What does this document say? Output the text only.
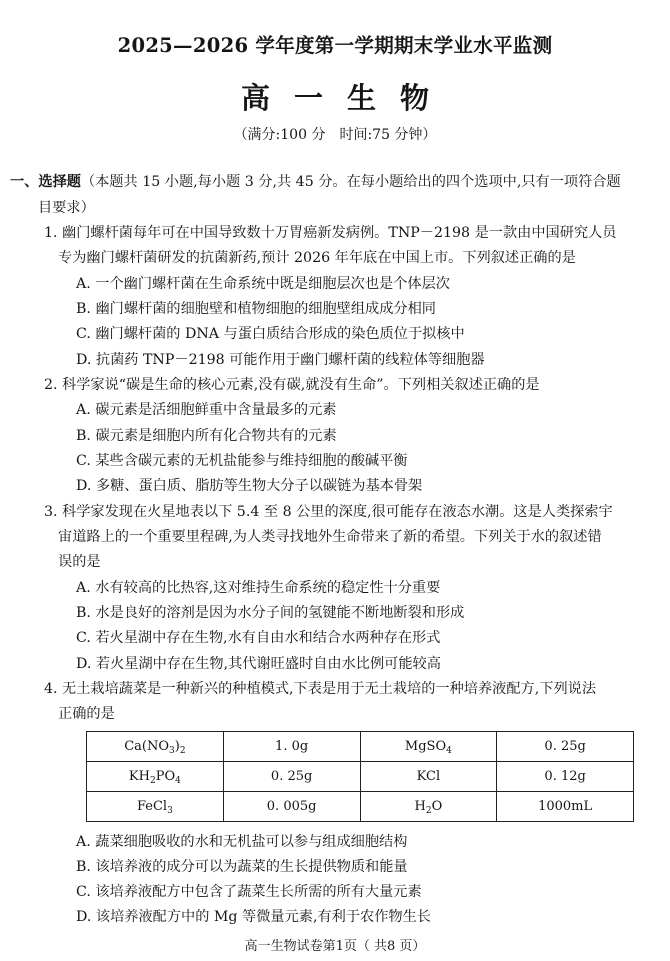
2025—2026 学年度第一学期期末学业水平监测
高一生物
（满分:100 分　时间:75 分钟）
一、选择题（本题共 15 小题,每小题 3 分,共 45 分。在每小题给出的四个选项中,只有一项符合题
目要求）
1. 幽门螺杆菌每年可在中国导致数十万胃癌新发病例。TNP－2198 是一款由中国研究人员
专为幽门螺杆菌研发的抗菌新药,预计 2026 年年底在中国上市。下列叙述正确的是
A. 一个幽门螺杆菌在生命系统中既是细胞层次也是个体层次
B. 幽门螺杆菌的细胞壁和植物细胞的细胞壁组成成分相同
C. 幽门螺杆菌的 DNA 与蛋白质结合形成的染色质位于拟核中
D. 抗菌药 TNP－2198 可能作用于幽门螺杆菌的线粒体等细胞器
2. 科学家说“碳是生命的核心元素,没有碳,就没有生命”。下列相关叙述正确的是
A. 碳元素是活细胞鲜重中含量最多的元素
B. 碳元素是细胞内所有化合物共有的元素
C. 某些含碳元素的无机盐能参与维持细胞的酸碱平衡
D. 多糖、蛋白质、脂肪等生物大分子以碳链为基本骨架
3. 科学家发现在火星地表以下 5.4 至 8 公里的深度,很可能存在液态水潮。这是人类探索宇
宙道路上的一个重要里程碑,为人类寻找地外生命带来了新的希望。下列关于水的叙述错
误的是
A. 水有较高的比热容,这对维持生命系统的稳定性十分重要
B. 水是良好的溶剂是因为水分子间的氢键能不断地断裂和形成
C. 若火星湖中存在生物,水有自由水和结合水两种存在形式
D. 若火星湖中存在生物,其代谢旺盛时自由水比例可能较高
4. 无土栽培蔬菜是一种新兴的种植模式,下表是用于无土栽培的一种培养液配方,下列说法
正确的是
$Ca(NO_3)_2$	1. 0g	MgSO$_4$	0. 25g
$KH_2PO_4$	0. 25g	KCl	0. 12g
FeCl$_3$	0. 005g	$H_2O$	1000mL
A. 蔬菜细胞吸收的水和无机盐可以参与组成细胞结构
B. 该培养液的成分可以为蔬菜的生长提供物质和能量
C. 该培养液配方中包含了蔬菜生长所需的所有大量元素
D. 该培养液配方中的 Mg 等微量元素,有利于农作物生长
高一生物试卷第1页（ 共8 页）
